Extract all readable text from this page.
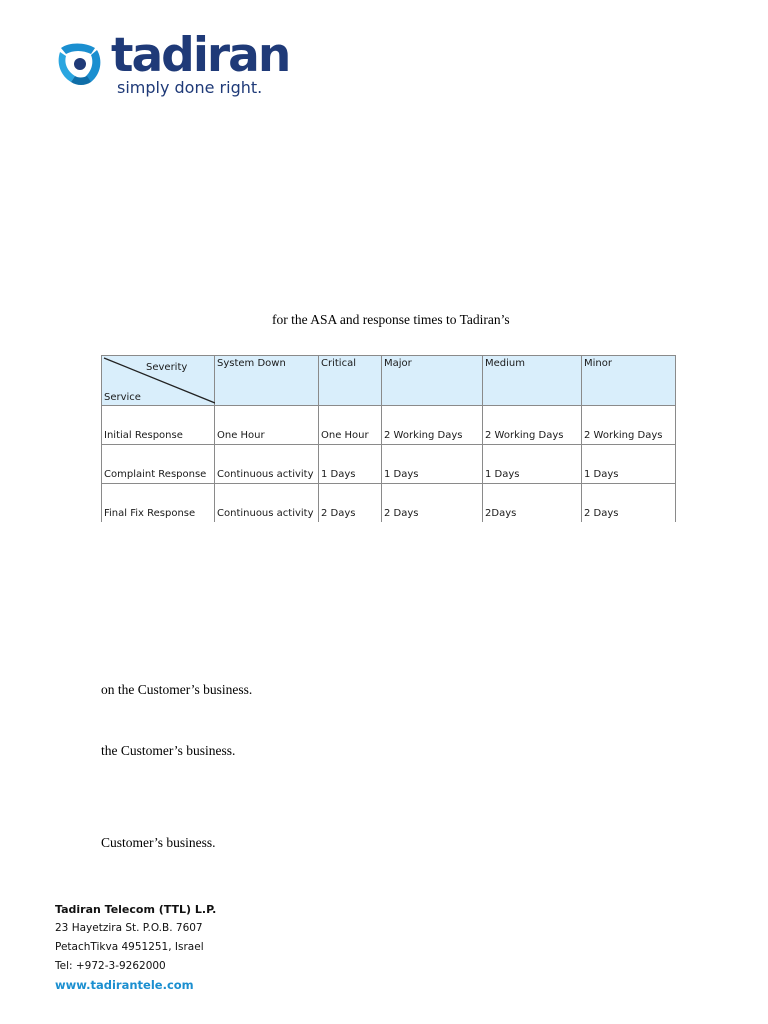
tadiran
simply done right.
for the ASA and response times to Tadiran’s
Severity
Service	System Down	Critical	Major	Medium	Minor
Initial Response	One Hour	One Hour	2 Working Days	2 Working Days	2 Working Days
Complaint Response	Continuous activity	1 Days	1 Days	1 Days	1 Days
Final Fix Response	Continuous activity	2 Days	2 Days	2Days	2 Days
on the Customer’s business.
the Customer’s business.
Customer’s business.
Tadiran Telecom (TTL) L.P.
23 Hayetzira St. P.O.B. 7607
PetachTikva 4951251, Israel
Tel: +972-3-9262000
www.tadirantele.com
